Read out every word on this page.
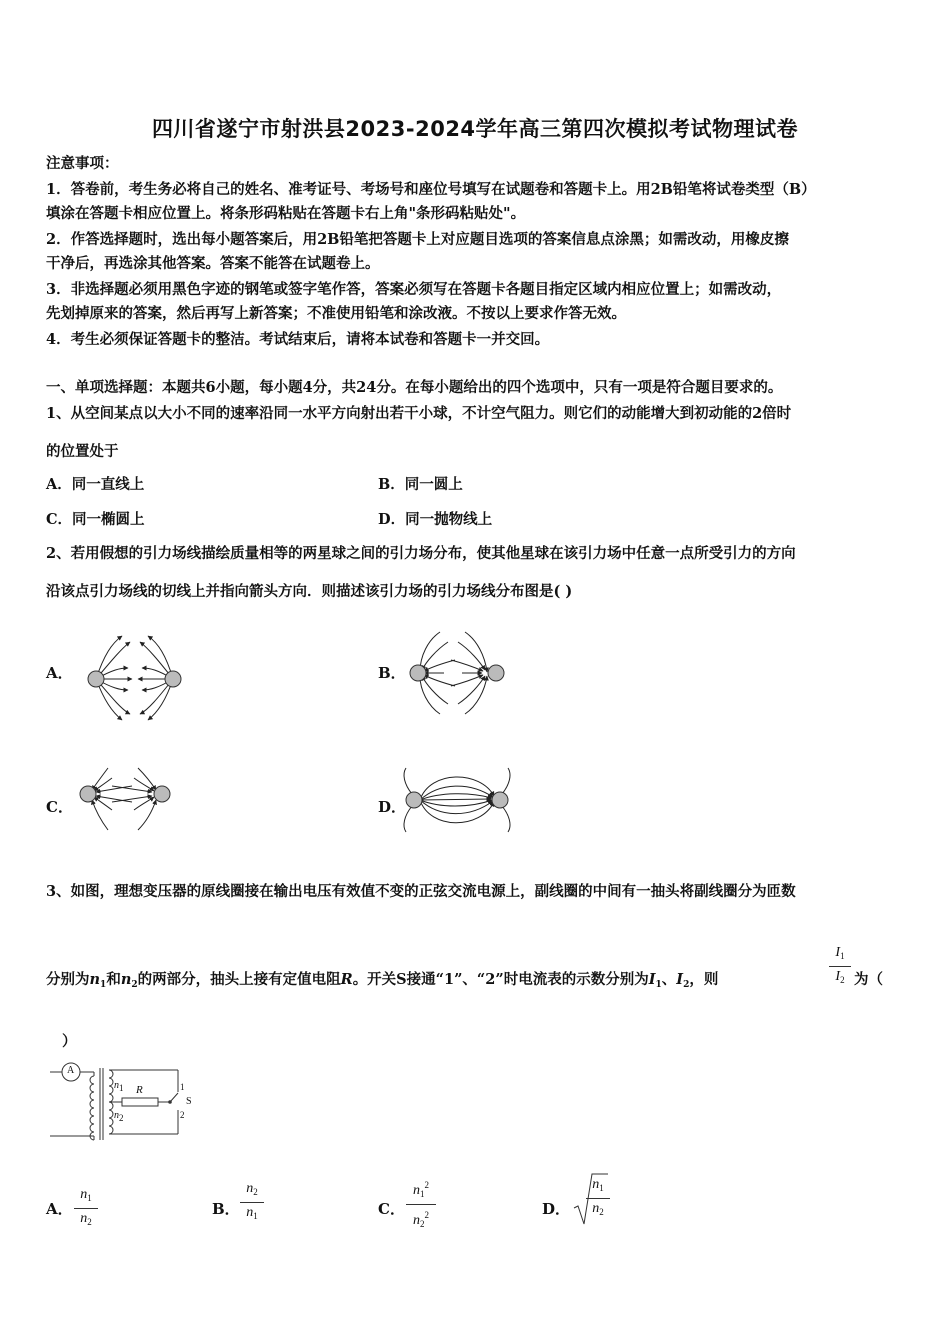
四川省遂宁市射洪县2023-2024学年高三第四次模拟考试物理试卷
注意事项：
1．答卷前，考生务必将自己的姓名、准考证号、考场号和座位号填写在试题卷和答题卡上。用2B铅笔将试卷类型（B）
填涂在答题卡相应位置上。将条形码粘贴在答题卡右上角"条形码粘贴处"。
2．作答选择题时，选出每小题答案后，用2B铅笔把答题卡上对应题目选项的答案信息点涂黑；如需改动，用橡皮擦
干净后，再选涂其他答案。答案不能答在试题卷上。
3．非选择题必须用黑色字迹的钢笔或签字笔作答，答案必须写在答题卡各题目指定区域内相应位置上；如需改动，
先划掉原来的答案，然后再写上新答案；不准使用铅笔和涂改液。不按以上要求作答无效。
4．考生必须保证答题卡的整洁。考试结束后，请将本试卷和答题卡一并交回。
一、单项选择题：本题共6小题，每小题4分，共24分。在每小题给出的四个选项中，只有一项是符合题目要求的。
1、从空间某点以大小不同的速率沿同一水平方向射出若干小球，不计空气阻力。则它们的动能增大到初动能的2倍时
的位置处于
A．同一直线上	B．同一圆上
C．同一椭圆上	D．同一抛物线上
2、若用假想的引力场线描绘质量相等的两星球之间的引力场分布，使其他星球在该引力场中任意一点所受引力的方向
沿该点引力场线的切线上并指向箭头方向．则描述该引力场的引力场线分布图是( )
A．	B．
C．	D．
A
n1
n2
R	1
S
2
3、如图，理想变压器的原线圈接在输出电压有效值不变的正弦交流电源上，副线圈的中间有一抽头将副线圈分为匝数
分别为$n_1$和$n_2$的两部分，抽头上接有定值电阻R。开关S接通“1”、“2”时电流表的示数分别为$I_1$、$I_2$，则
$I_1$
$I_2$ 为（
）
A．
$n_1$
$n_2$
B．
$n_2$
$n_1$	C．
$n_1^2$
$n_2^2$	D．
$n_1$
$n_2$
